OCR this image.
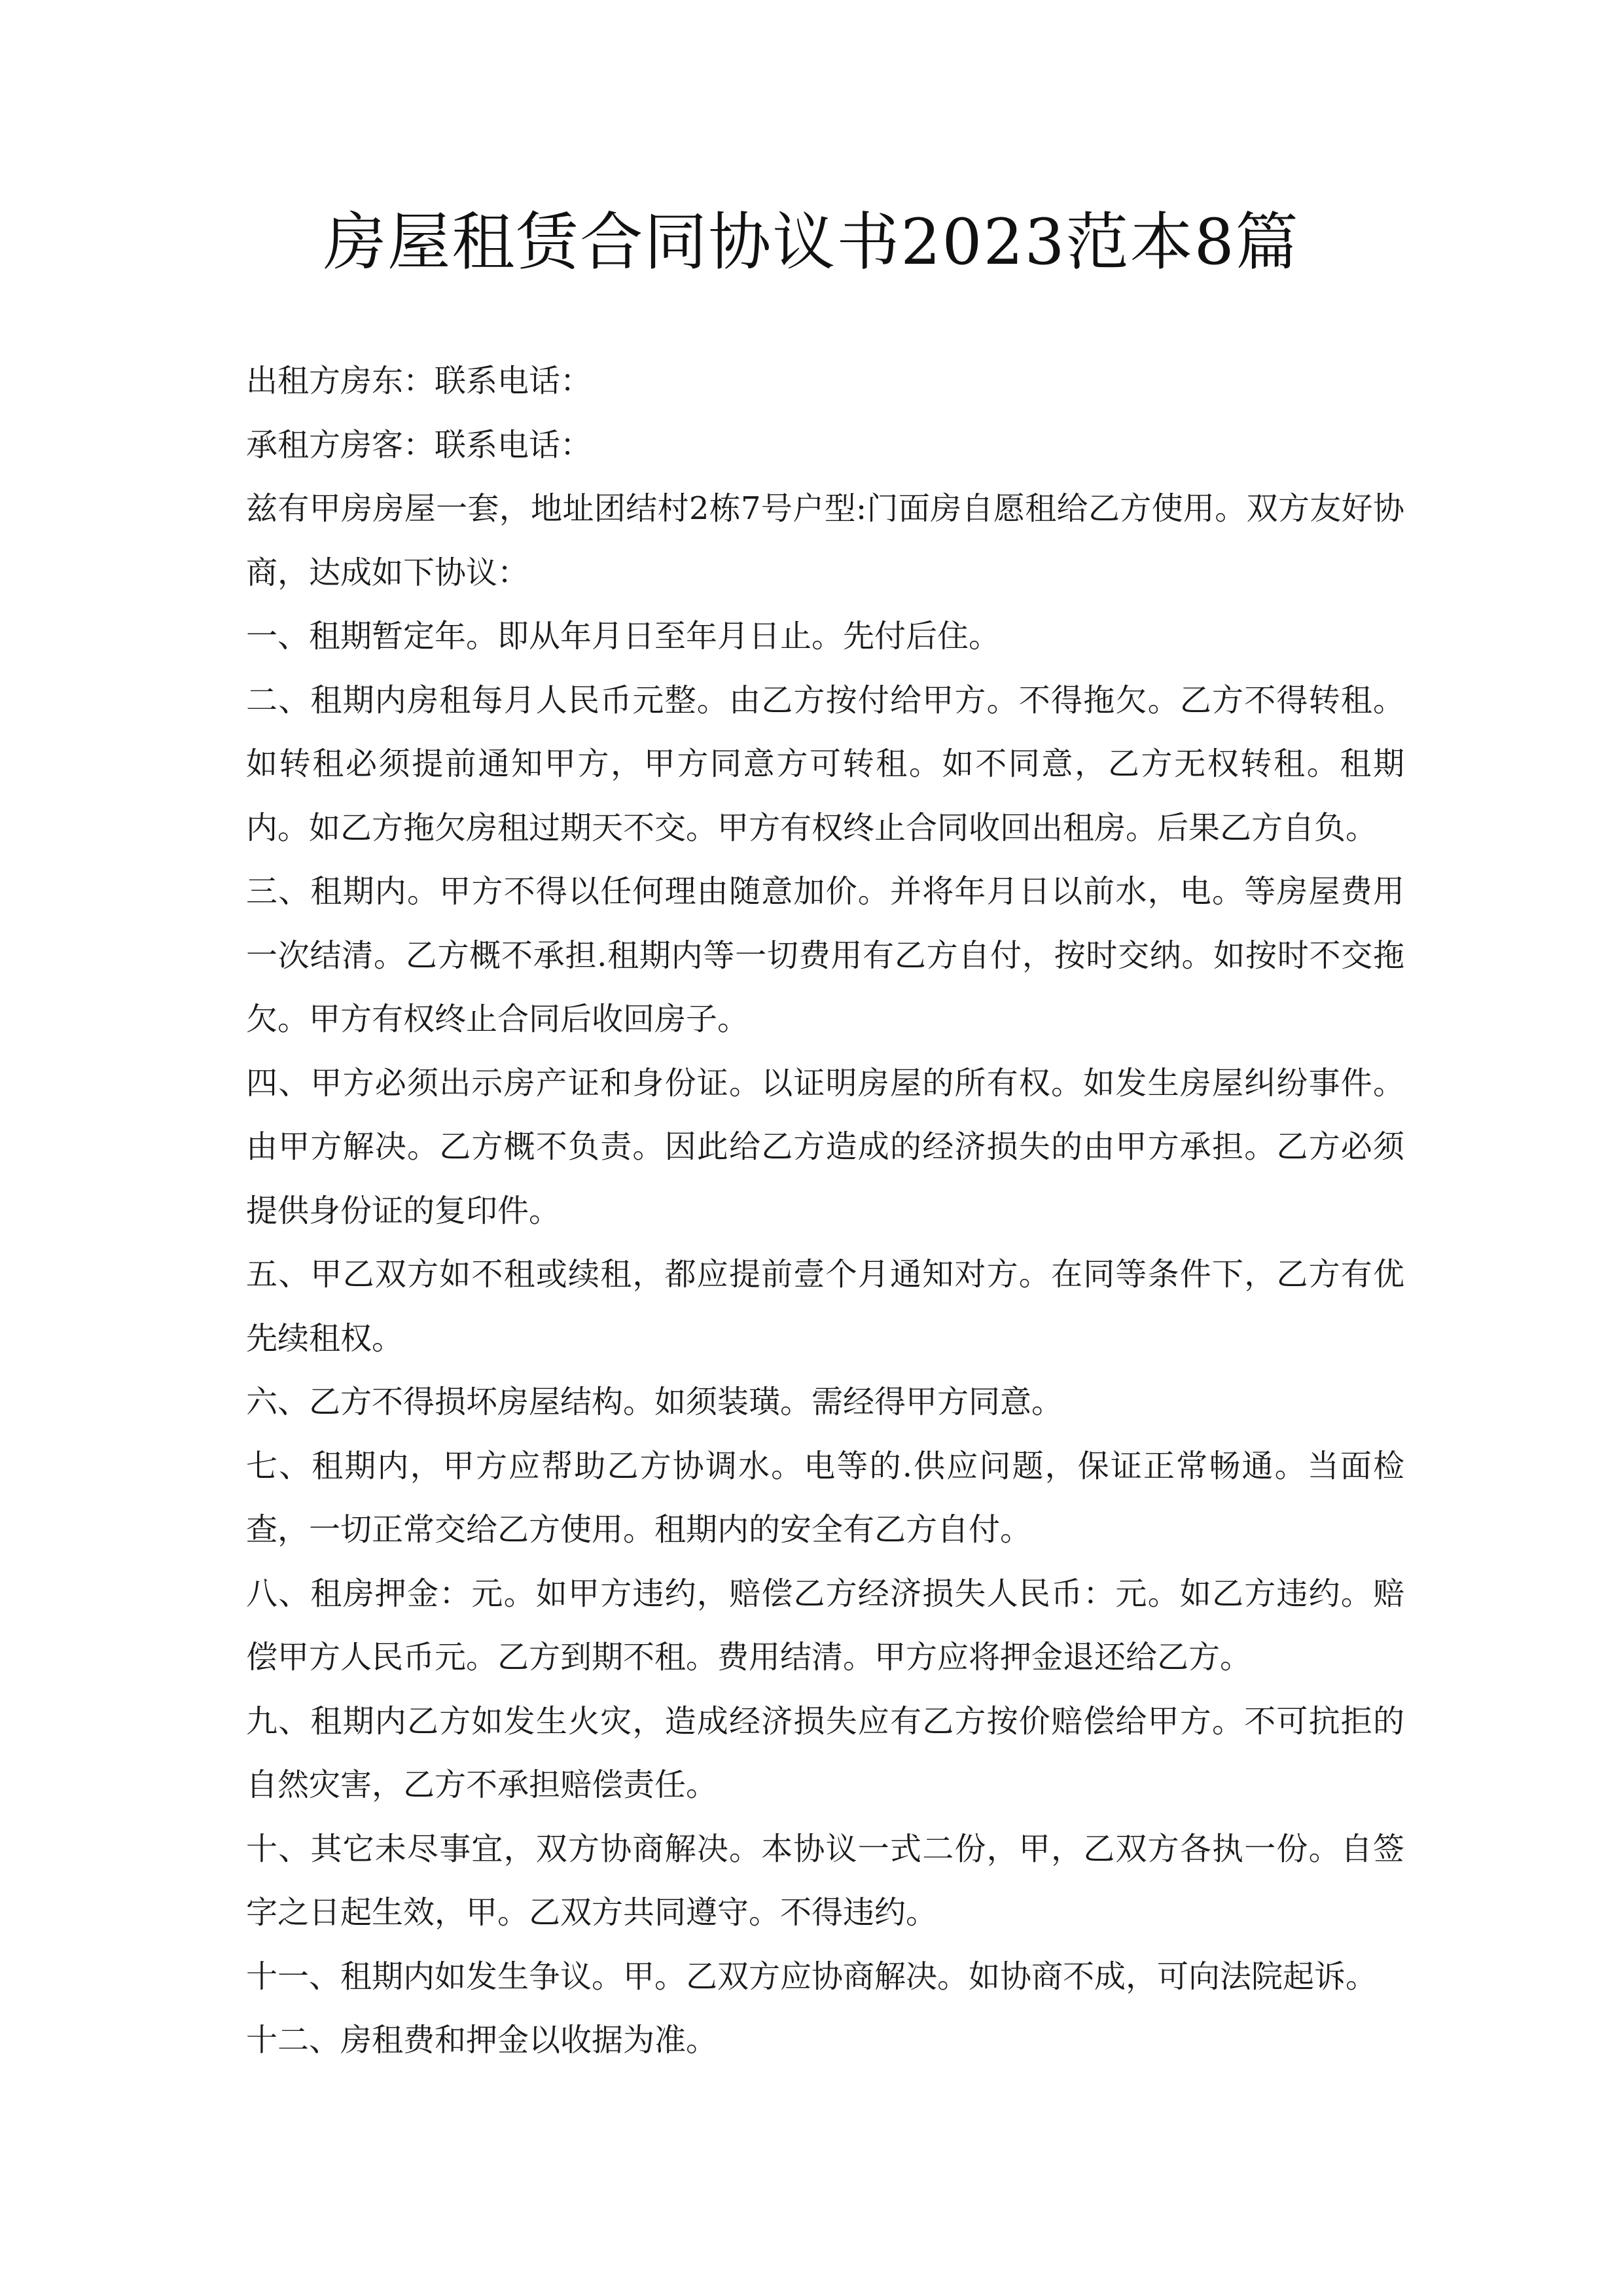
房屋租赁合同协议书2023范本8篇

出租方房东：联系电话：

承租方房客：联系电话：

兹有甲房房屋一套，地址团结村2栋7号户型:门面房自愿租给乙方使用。双方友好协商，达成如下协议：

一、租期暂定年。即从年月日至年月日止。先付后住。

二、租期内房租每月人民币元整。由乙方按付给甲方。不得拖欠。乙方不得转租。如转租必须提前通知甲方，甲方同意方可转租。如不同意，乙方无权转租。租期内。如乙方拖欠房租过期天不交。甲方有权终止合同收回出租房。后果乙方自负。

三、租期内。甲方不得以任何理由随意加价。并将年月日以前水，电。等房屋费用一次结清。乙方概不承担.租期内等一切费用有乙方自付，按时交纳。如按时不交拖欠。甲方有权终止合同后收回房子。

四、甲方必须出示房产证和身份证。以证明房屋的所有权。如发生房屋纠纷事件。由甲方解决。乙方概不负责。因此给乙方造成的经济损失的由甲方承担。乙方必须提供身份证的复印件。

五、甲乙双方如不租或续租，都应提前壹个月通知对方。在同等条件下，乙方有优先续租权。

六、乙方不得损坏房屋结构。如须装璜。需经得甲方同意。

七、租期内，甲方应帮助乙方协调水。电等的.供应问题，保证正常畅通。当面检查，一切正常交给乙方使用。租期内的安全有乙方自付。

八、租房押金：元。如甲方违约，赔偿乙方经济损失人民币：元。如乙方违约。赔偿甲方人民币元。乙方到期不租。费用结清。甲方应将押金退还给乙方。

九、租期内乙方如发生火灾，造成经济损失应有乙方按价赔偿给甲方。不可抗拒的自然灾害，乙方不承担赔偿责任。

十、其它未尽事宜，双方协商解决。本协议一式二份，甲，乙双方各执一份。自签字之日起生效，甲。乙双方共同遵守。不得违约。

十一、租期内如发生争议。甲。乙双方应协商解决。如协商不成，可向法院起诉。

十二、房租费和押金以收据为准。
